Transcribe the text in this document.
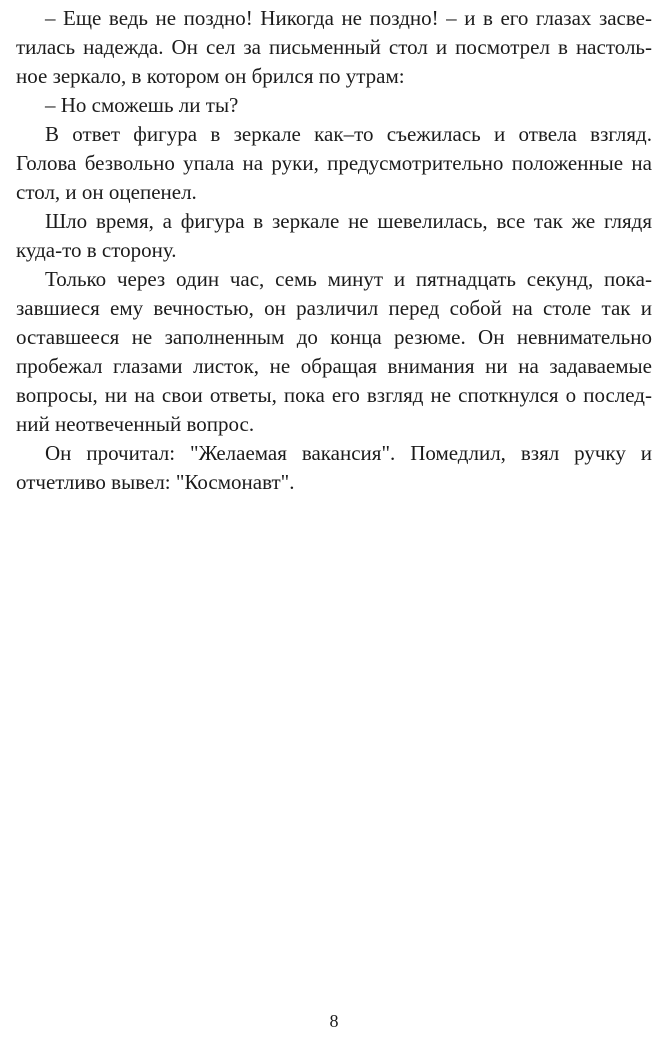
– Еще ведь не поздно! Никогда не поздно! – и в его глазах засве-
тилась надежда. Он сел за письменный стол и посмотрел в настоль-
ное зеркало, в котором он брился по утрам:
– Но сможешь ли ты?
В ответ фигура в зеркале как–то съежилась и отвела взгляд.
Голова безвольно упала на руки, предусмотрительно положенные на
стол, и он оцепенел.
Шло время, а фигура в зеркале не шевелилась, все так же глядя
куда-то в сторону.
Только через один час, семь минут и пятнадцать секунд, пока-
завшиеся ему вечностью, он различил перед собой на столе так и
оставшееся не заполненным до конца резюме. Он невнимательно
пробежал глазами листок, не обращая внимания ни на задаваемые
вопросы, ни на свои ответы, пока его взгляд не споткнулся о послед-
ний неотвеченный вопрос.
Он прочитал: "Желаемая вакансия". Помедлил, взял ручку и
отчетливо вывел: "Космонавт".
8
